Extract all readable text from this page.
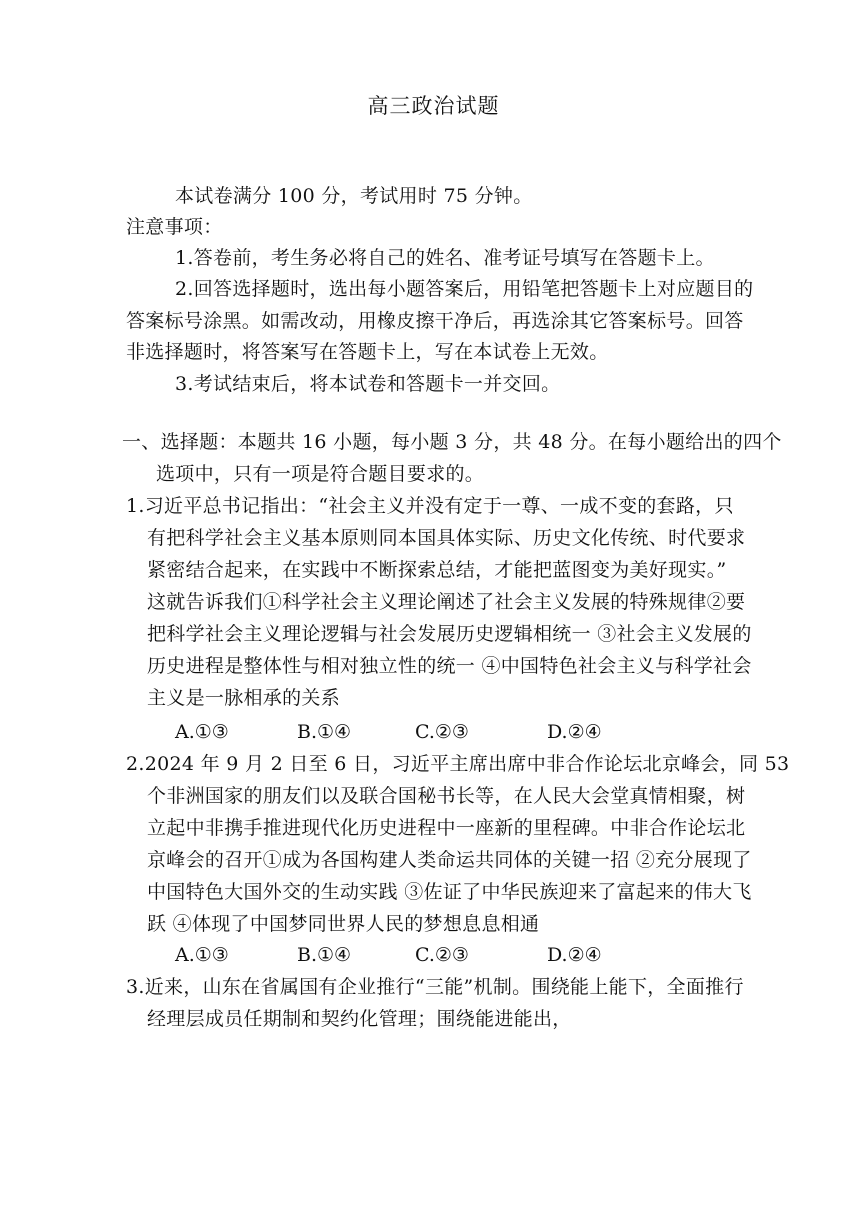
高三政治试题
本试卷满分 100 分，考试用时 75 分钟。
注意事项：
1.答卷前，考生务必将自己的姓名、准考证号填写在答题卡上。
2.回答选择题时，选出每小题答案后，用铅笔把答题卡上对应题目的
答案标号涂黑。如需改动，用橡皮擦干净后，再选涂其它答案标号。回答
非选择题时，将答案写在答题卡上，写在本试卷上无效。
3.考试结束后，将本试卷和答题卡一并交回。
一、选择题：本题共 16 小题，每小题 3 分，共 48 分。在每小题给出的四个
选项中，只有一项是符合题目要求的。
1.习近平总书记指出：“社会主义并没有定于一尊、一成不变的套路，只
有把科学社会主义基本原则同本国具体实际、历史文化传统、时代要求
紧密结合起来，在实践中不断探索总结，才能把蓝图变为美好现实。”
这就告诉我们①科学社会主义理论阐述了社会主义发展的特殊规律②要
把科学社会主义理论逻辑与社会发展历史逻辑相统一 ③社会主义发展的
历史进程是整体性与相对独立性的统一 ④中国特色社会主义与科学社会
主义是一脉相承的关系
A.①③	B.①④	C.②③	D.②④
2.2024 年 9 月 2 日至 6 日，习近平主席出席中非合作论坛北京峰会，同 53
个非洲国家的朋友们以及联合国秘书长等，在人民大会堂真情相聚，树
立起中非携手推进现代化历史进程中一座新的里程碑。中非合作论坛北
京峰会的召开①成为各国构建人类命运共同体的关键一招 ②充分展现了
中国特色大国外交的生动实践 ③佐证了中华民族迎来了富起来的伟大飞
跃 ④体现了中国梦同世界人民的梦想息息相通
A.①③	B.①④	C.②③	D.②④
3.近来，山东在省属国有企业推行“三能”机制。围绕能上能下，全面推行
经理层成员任期制和契约化管理；围绕能进能出，
